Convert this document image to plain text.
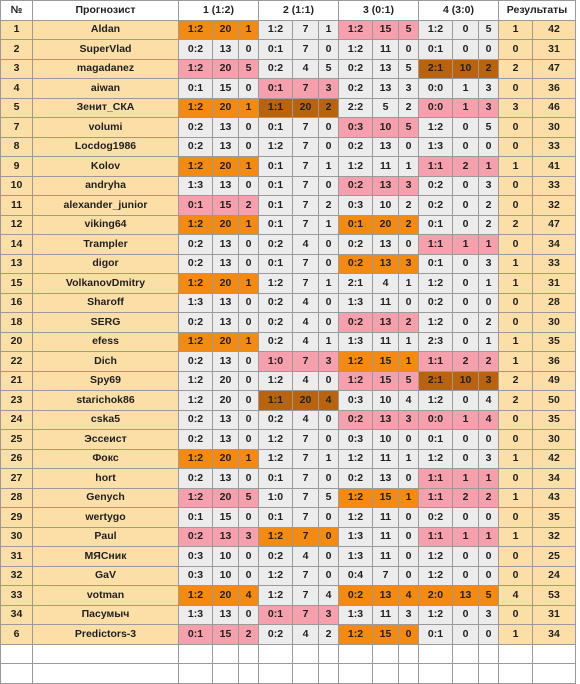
№	Прогнозист	1 (1:2)			2 (1:1)			3 (0:1)			4 (3:0)			Результаты	
1	Aldan	1:2	20	1	1:2	7	1	1:2	15	5	1:2	0	5	1	42
2	SuperVlad	0:2	13	0	0:1	7	0	1:2	11	0	0:1	0	0	0	31
3	magadanez	1:2	20	5	0:2	4	5	0:2	13	5	2:1	10	2	2	47
4	aiwan	0:1	15	0	0:1	7	3	0:2	13	3	0:0	1	3	0	36
5	Зенит_СКА	1:2	20	1	1:1	20	2	2:2	5	2	0:0	1	3	3	46
7	volumi	0:2	13	0	0:1	7	0	0:3	10	5	1:2	0	5	0	30
8	Locdog1986	0:2	13	0	1:2	7	0	0:2	13	0	1:3	0	0	0	33
9	Kolov	1:2	20	1	0:1	7	1	1:2	11	1	1:1	2	1	1	41
10	andryha	1:3	13	0	0:1	7	0	0:2	13	3	0:2	0	3	0	33
11	alexander_junior	0:1	15	2	0:1	7	2	0:3	10	2	0:2	0	2	0	32
12	viking64	1:2	20	1	0:1	7	1	0:1	20	2	0:1	0	2	2	47
14	Trampler	0:2	13	0	0:2	4	0	0:2	13	0	1:1	1	1	0	34
13	digor	0:2	13	0	0:1	7	0	0:2	13	3	0:1	0	3	1	33
15	VolkanovDmitry	1:2	20	1	1:2	7	1	2:1	4	1	1:2	0	1	1	31
16	Sharoff	1:3	13	0	0:2	4	0	1:3	11	0	0:2	0	0	0	28
18	SERG	0:2	13	0	0:2	4	0	0:2	13	2	1:2	0	2	0	30
20	efess	1:2	20	1	0:2	4	1	1:3	11	1	2:3	0	1	1	35
22	Dich	0:2	13	0	1:0	7	3	1:2	15	1	1:1	2	2	1	36
21	Spy69	1:2	20	0	1:2	4	0	1:2	15	5	2:1	10	3	2	49
23	starichok86	1:2	20	0	1:1	20	4	0:3	10	4	1:2	0	4	2	50
24	cska5	0:2	13	0	0:2	4	0	0:2	13	3	0:0	1	4	0	35
25	Эссеист	0:2	13	0	1:2	7	0	0:3	10	0	0:1	0	0	0	30
26	Фокс	1:2	20	1	1:2	7	1	1:2	11	1	1:2	0	3	1	42
27	hort	0:2	13	0	0:1	7	0	0:2	13	0	1:1	1	1	0	34
28	Genych	1:2	20	5	1:0	7	5	1:2	15	1	1:1	2	2	1	43
29	wertygo	0:1	15	0	0:1	7	0	1:2	11	0	0:2	0	0	0	35
30	Paul	0:2	13	3	1:2	7	0	1:3	11	0	1:1	1	1	1	32
31	МЯСник	0:3	10	0	0:2	4	0	1:3	11	0	1:2	0	0	0	25
32	GaV	0:3	10	0	1:2	7	0	0:4	7	0	1:2	0	0	0	24
33	votman	1:2	20	4	1:2	7	4	0:2	13	4	2:0	13	5	4	53
34	Пасумыч	1:3	13	0	0:1	7	3	1:3	11	3	1:2	0	3	0	31
6	Predictors-3	0:1	15	2	0:2	4	2	1:2	15	0	0:1	0	0	1	34
